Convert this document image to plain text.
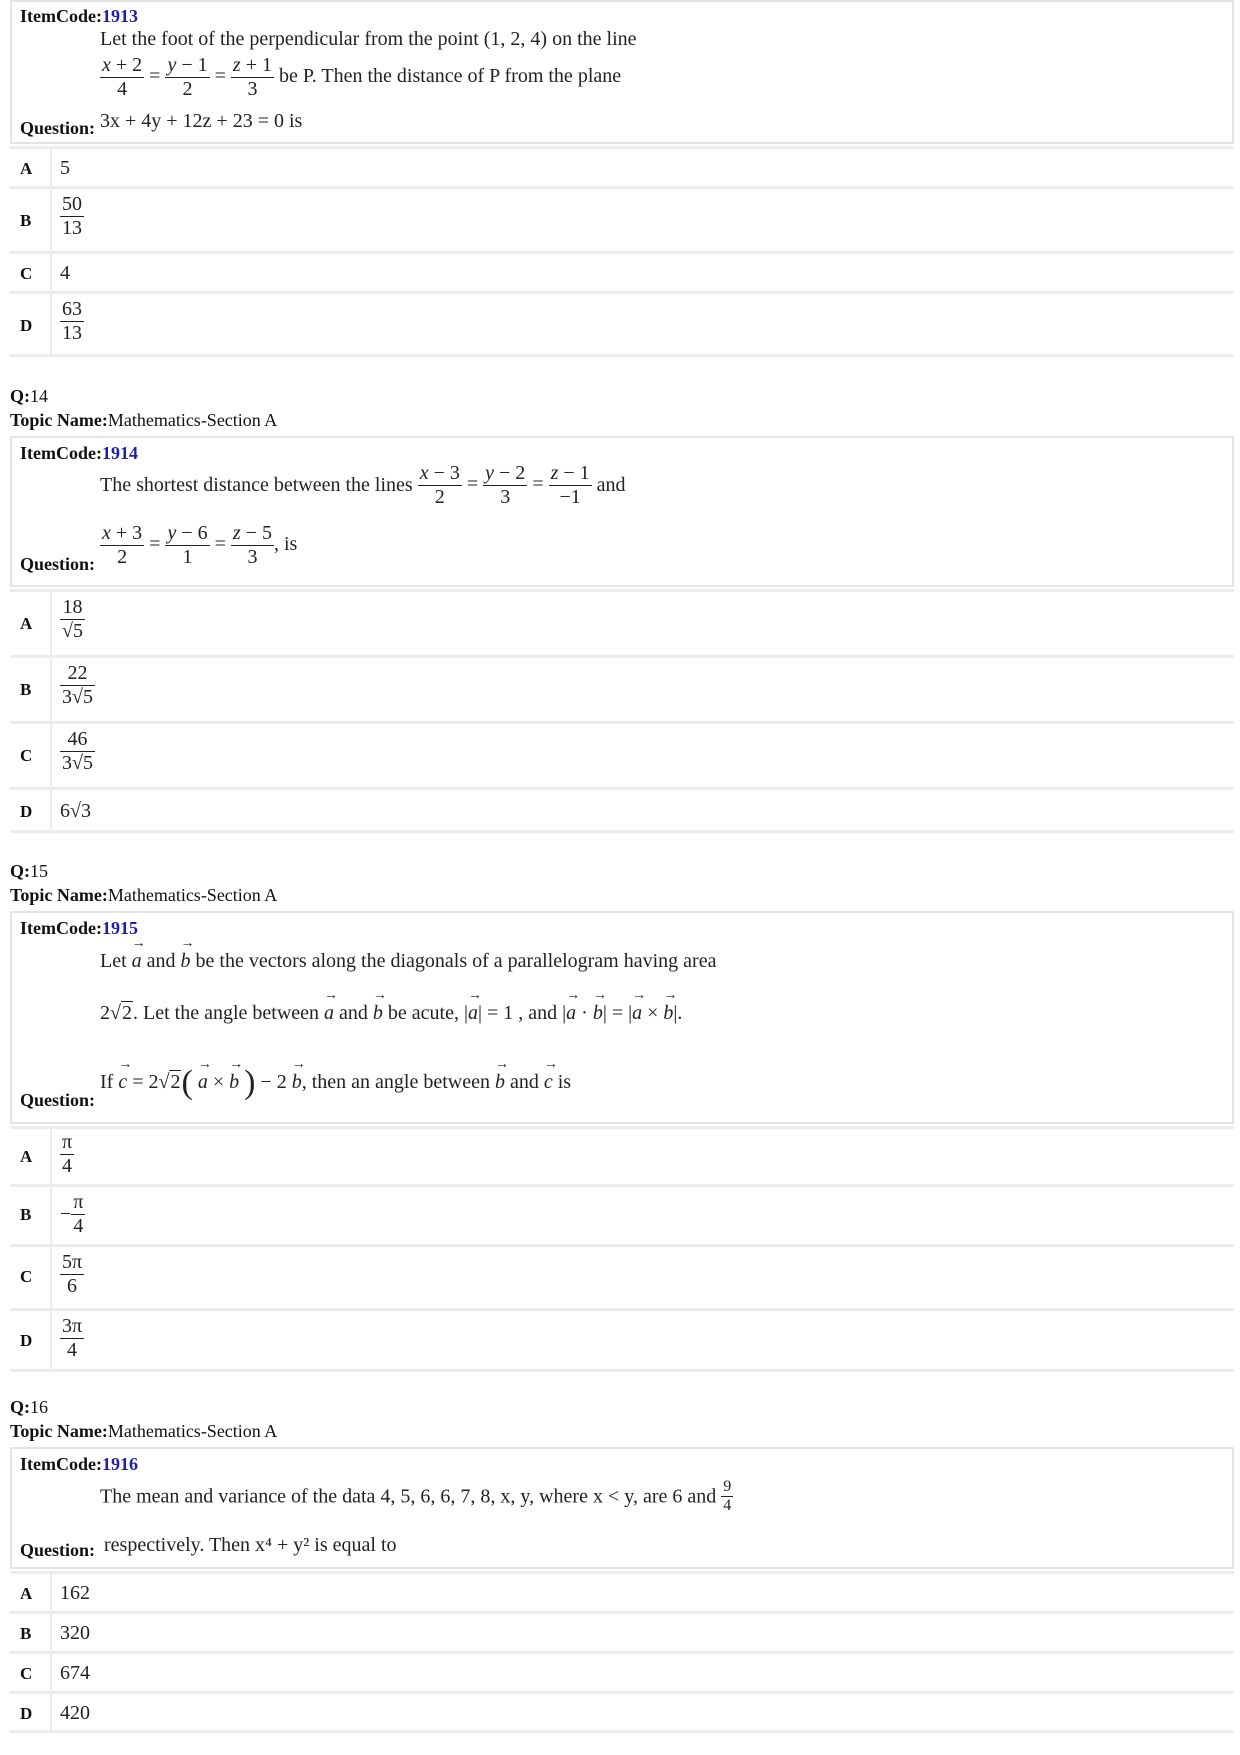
ItemCode:1913
Let the foot of the perpendicular from the point (1, 2, 4) on the line
$\frac{x + 2}{4} = \frac{y - 1}{2} = \frac{z + 1}{3}$ be P. Then the distance of P from the plane
Question: 3x + 4y + 12z + 23 = 0 is
A	5
B	$\frac{50}{13}$
C	4
D	$\frac{63}{13}$
Q:14
Topic Name:Mathematics-Section A
ItemCode:1914
The shortest distance between the lines $\frac{x - 3}{2} = \frac{y - 2}{3} = \frac{z - 1}{-1}$ and
$\frac{x + 3}{2} = \frac{y - 6}{1} = \frac{z - 5}{3}$ , is
Question:
A	$\frac{18}{√5}$
B	$\frac{22}{3√5}$
C	$\frac{46}{3√5}$
D	6√3
Q:15
Topic Name:Mathematics-Section A
ItemCode:1915
Let → a and → b be the vectors along the diagonals of a parallelogram having area
2√2. Let the angle between → a and → b be acute, |→ a| = 1 , and |→ a · → b| = |→ a × → b|.
If → c = 2√2( → a × → b ) − 2 → b, then an angle between → b and → c is
Question:
A	$\frac{\pi}{4}$
B	− $\frac{\pi}{4}$
C	$\frac{5\pi}{6}$
D	$\frac{3\pi}{4}$
Q:16
Topic Name:Mathematics-Section A
ItemCode:1916
The mean and variance of the data 4, 5, 6, 6, 7, 8, x, y, where x < y, are 6 and $\frac{9}{4}$
Question: respectively. Then x⁴ + y² is equal to
A	162
B	320
C	674
D	420
